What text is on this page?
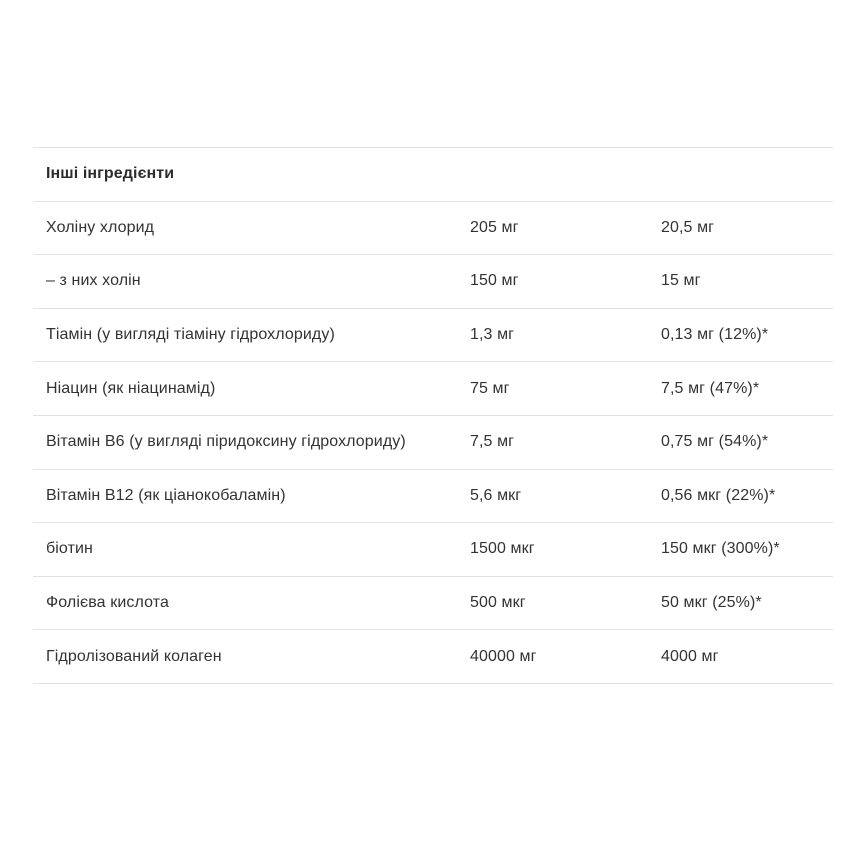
Інші інгредієнти
Холіну хлорид	205 мг	20,5 мг
– з них холін	150 мг	15 мг
Тіамін (у вигляді тіаміну гідрохлориду)	1,3 мг	0,13 мг (12%)*
Ніацин (як ніацинамід)	75 мг	7,5 мг (47%)*
Вітамін В6 (у вигляді піридоксину гідрохлориду)	7,5 мг	0,75 мг (54%)*
Вітамін B12 (як ціанокобаламін)	5,6 мкг	0,56 мкг (22%)*
біотин	1500 мкг	150 мкг (300%)*
Фолієва кислота	500 мкг	50 мкг (25%)*
Гідролізований колаген	40000 мг	4000 мг
